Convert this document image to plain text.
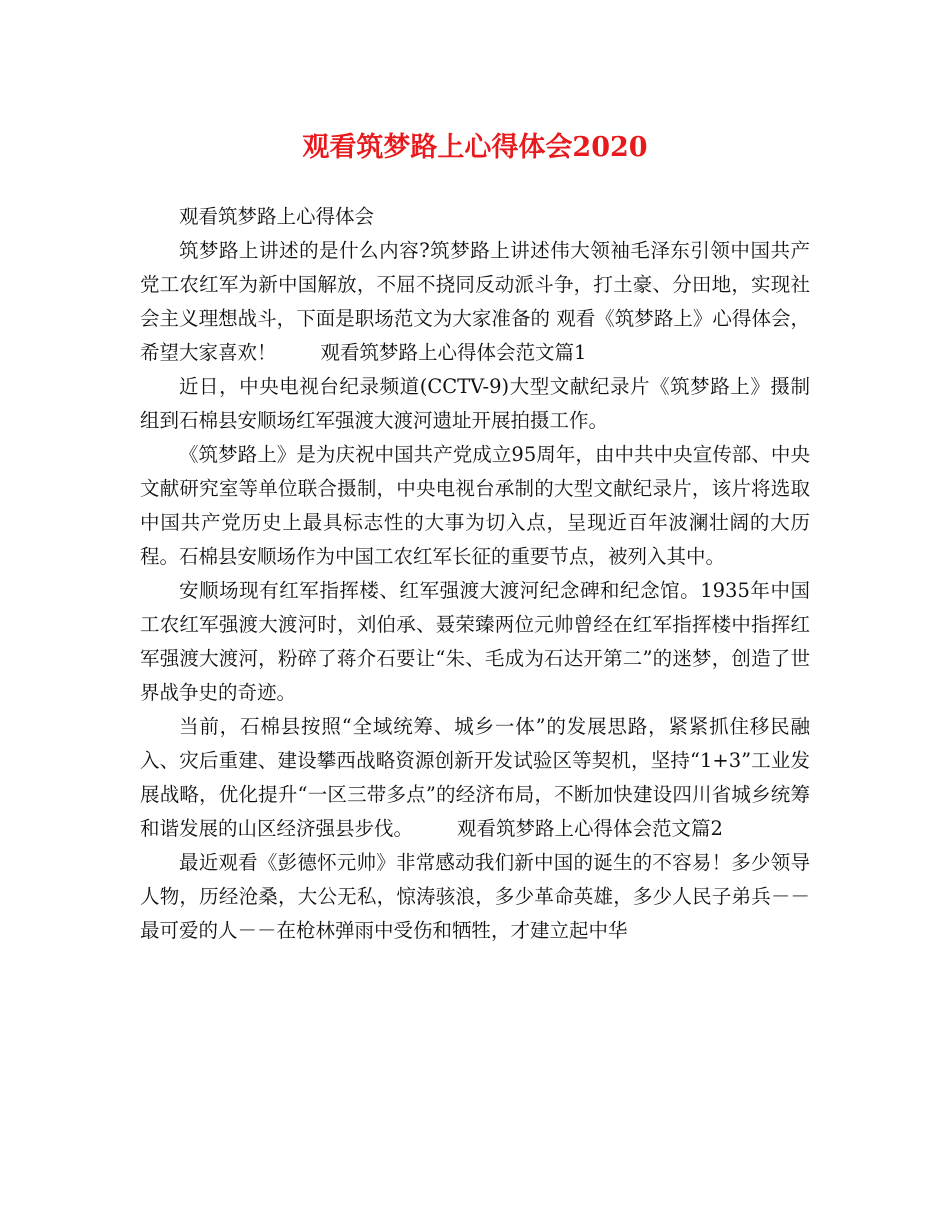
观看筑梦路上心得体会2020

观看筑梦路上心得体会

筑梦路上讲述的是什么内容?筑梦路上讲述伟大领袖毛泽东引领中国共产党工农红军为新中国解放，不屈不挠同反动派斗争，打土豪、分田地，实现社会主义理想战斗，下面是职场范文为大家准备的 观看《筑梦路上》心得体会，希望大家喜欢！ 观看筑梦路上心得体会范文篇1

近日，中央电视台纪录频道(CCTV-9)大型文献纪录片《筑梦路上》摄制组到石棉县安顺场红军强渡大渡河遗址开展拍摄工作。

《筑梦路上》是为庆祝中国共产党成立95周年，由中共中央宣传部、中央文献研究室等单位联合摄制，中央电视台承制的大型文献纪录片，该片将选取中国共产党历史上最具标志性的大事为切入点，呈现近百年波澜壮阔的大历程。石棉县安顺场作为中国工农红军长征的重要节点，被列入其中。

安顺场现有红军指挥楼、红军强渡大渡河纪念碑和纪念馆。1935年中国工农红军强渡大渡河时，刘伯承、聂荣臻两位元帅曾经在红军指挥楼中指挥红军强渡大渡河，粉碎了蒋介石要让“朱、毛成为石达开第二”的迷梦，创造了世界战争史的奇迹。

当前，石棉县按照“全域统筹、城乡一体”的发展思路，紧紧抓住移民融入、灾后重建、建设攀西战略资源创新开发试验区等契机，坚持“1+3”工业发展战略，优化提升“一区三带多点”的经济布局，不断加快建设四川省城乡统筹和谐发展的山区经济强县步伐。 观看筑梦路上心得体会范文篇2

最近观看《彭德怀元帅》非常感动我们新中国的诞生的不容易！多少领导人物，历经沧桑，大公无私，惊涛骇浪，多少革命英雄，多少人民子弟兵－－最可爱的人－－在枪林弹雨中受伤和牺牲，才建立起中华
